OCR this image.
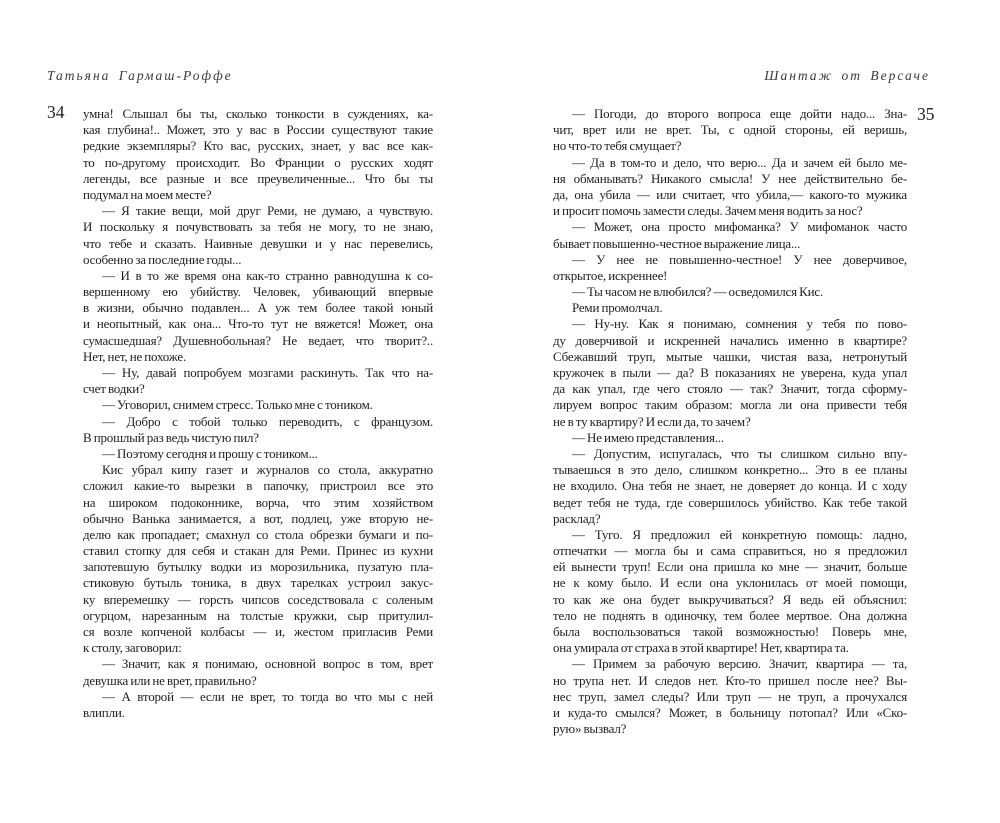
Татьяна Гармаш-Роффе	Шантаж от Версаче
34	35
умна! Слышал бы ты, сколько тонкости в суждениях, ка-
кая глубина!.. Может, это у вас в России существуют такие
редкие экземпляры? Кто вас, русских, знает, у вас все как-
то по-другому происходит. Во Франции о русских ходят
легенды, все разные и все преувеличенные... Что бы ты
подумал на моем месте?
— Я такие вещи, мой друг Реми, не думаю, а чувствую.
И поскольку я почувствовать за тебя не могу, то не знаю,
что тебе и сказать. Наивные девушки и у нас перевелись,
особенно за последние годы...
— И в то же время она как-то странно равнодушна к со-
вершенному ею убийству. Человек, убивающий впервые
в жизни, обычно подавлен... А уж тем более такой юный
и неопытный, как она... Что-то тут не вяжется! Может, она
сумасшедшая? Душевнобольная? Не ведает, что творит?..
Нет, нет, не похоже.
— Ну, давай попробуем мозгами раскинуть. Так что на-
счет водки?
— Уговорил, снимем стресс. Только мне с тоником.
— Добро с тобой только переводить, с французом.
В прошлый раз ведь чистую пил?
— Поэтому сегодня и прошу с тоником...
Кис убрал кипу газет и журналов со стола, аккуратно
сложил какие-то вырезки в папочку, пристроил все это
на широком подоконнике, ворча, что этим хозяйством
обычно Ванька занимается, а вот, подлец, уже вторую не-
делю как пропадает; смахнул со стола обрезки бумаги и по-
ставил стопку для себя и стакан для Реми. Принес из кухни
запотевшую бутылку водки из морозильника, пузатую пла-
стиковую бутыль тоника, в двух тарелках устроил закус-
ку вперемешку — горсть чипсов соседствовала с соленым
огурцом, нарезанным на толстые кружки, сыр притулил-
ся возле копченой колбасы — и, жестом пригласив Реми
к столу, заговорил:
— Значит, как я понимаю, основной вопрос в том, врет
девушка или не врет, правильно?
— А второй — если не врет, то тогда во что мы с ней
влипли.
— Погоди, до второго вопроса еще дойти надо... Зна-
чит, врет или не врет. Ты, с одной стороны, ей веришь,
но что-то тебя смущает?
— Да в том-то и дело, что верю... Да и зачем ей было ме-
ня обманывать? Никакого смысла! У нее действительно бе-
да, она убила — или считает, что убила,— какого-то мужика
и просит помочь замести следы. Зачем меня водить за нос?
— Может, она просто мифоманка? У мифоманок часто
бывает повышенно-честное выражение лица...
— У нее не повышенно-честное! У нее доверчивое,
открытое, искреннее!
— Ты часом не влюбился? — осведомился Кис.
Реми промолчал.
— Ну-ну. Как я понимаю, сомнения у тебя по пово-
ду доверчивой и искренней начались именно в квартире?
Сбежавший труп, мытые чашки, чистая ваза, нетронутый
кружочек в пыли — да? В показаниях не уверена, куда упал
да как упал, где чего стояло — так? Значит, тогда сформу-
лируем вопрос таким образом: могла ли она привести тебя
не в ту квартиру? И если да, то зачем?
— Не имею представления...
— Допустим, испугалась, что ты слишком сильно впу-
тываешься в это дело, слишком конкретно... Это в ее планы
не входило. Она тебя не знает, не доверяет до конца. И с ходу
ведет тебя не туда, где совершилось убийство. Как тебе такой
расклад?
— Туго. Я предложил ей конкретную помощь: ладно,
отпечатки — могла бы и сама справиться, но я предложил
ей вынести труп! Если она пришла ко мне — значит, больше
не к кому было. И если она уклонилась от моей помощи,
то как же она будет выкручиваться? Я ведь ей объяснил:
тело не поднять в одиночку, тем более мертвое. Она должна
была воспользоваться такой возможностью! Поверь мне,
она умирала от страха в этой квартире! Нет, квартира та.
— Примем за рабочую версию. Значит, квартира — та,
но трупа нет. И следов нет. Кто-то пришел после нее? Вы-
нес труп, замел следы? Или труп — не труп, а прочухался
и куда-то смылся? Может, в больницу потопал? Или «Ско-
рую» вызвал?
